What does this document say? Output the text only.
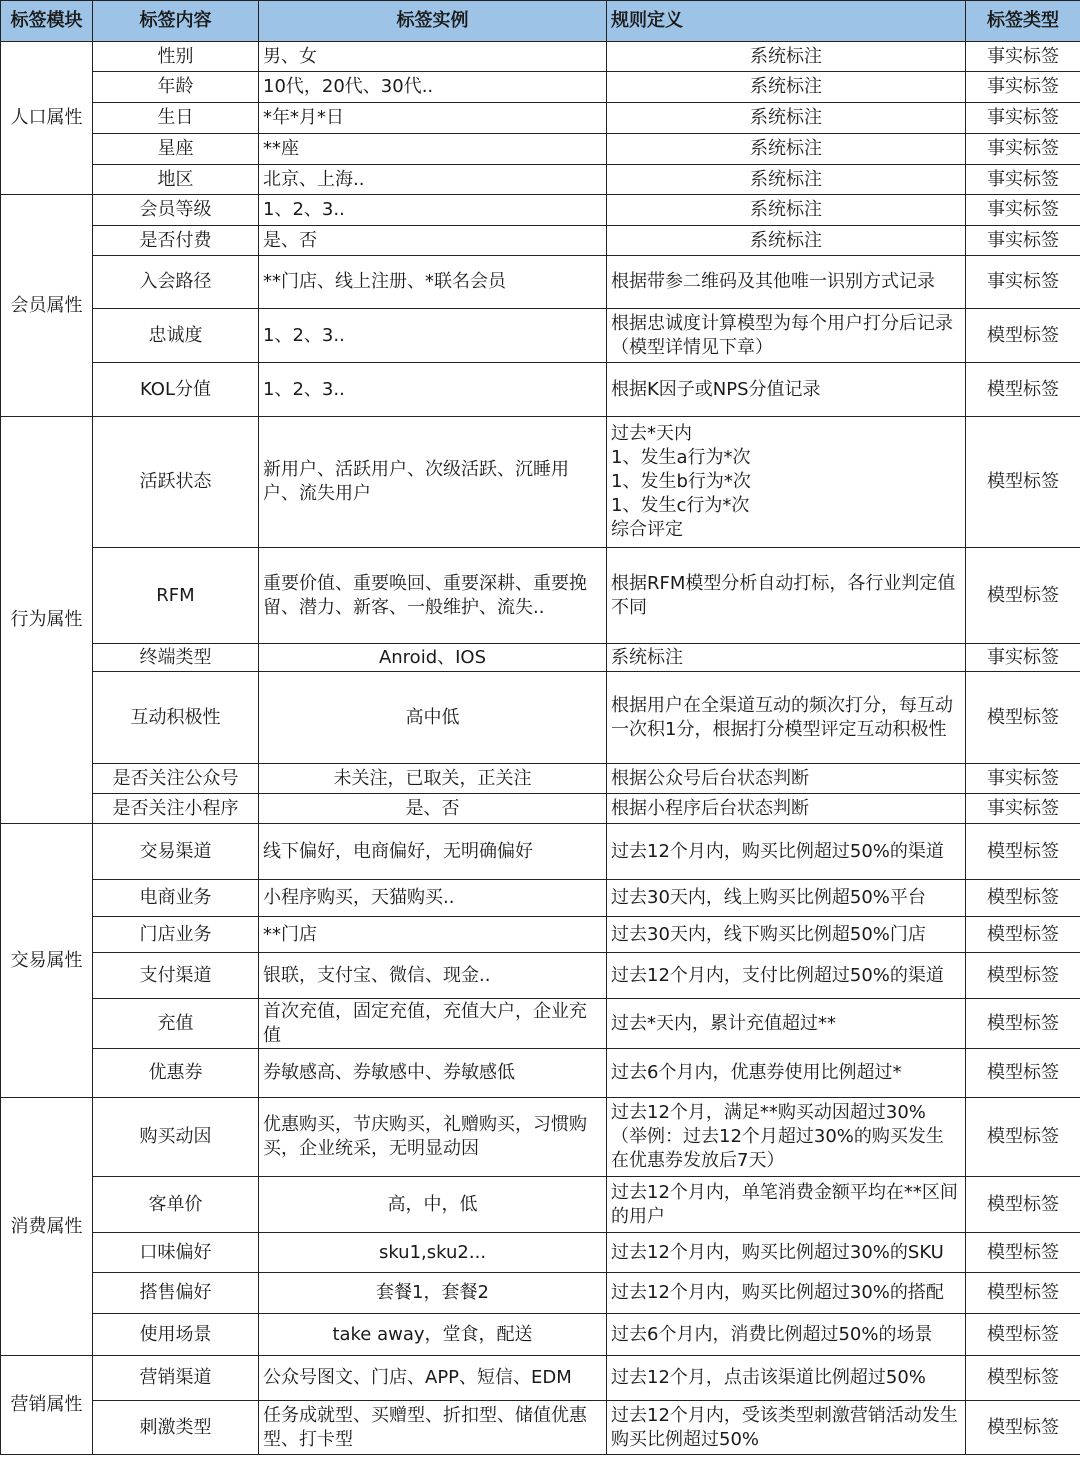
标签模块	标签内容	标签实例	规则定义	标签类型
人口属性	性别	男、女	系统标注	事实标签
	年龄	10代，20代、30代..	系统标注	事实标签
	生日	*年*月*日	系统标注	事实标签
	星座	**座	系统标注	事实标签
	地区	北京、上海..	系统标注	事实标签
会员属性	会员等级	1、2、3..	系统标注	事实标签
	是否付费	是、否	系统标注	事实标签
	入会路径	**门店、线上注册、*联名会员	根据带参二维码及其他唯一识别方式记录	事实标签
	忠诚度	1、2、3..	根据忠诚度计算模型为每个用户打分后记录（模型详情见下章）	模型标签
	KOL分值	1、2、3..	根据K因子或NPS分值记录	模型标签
行为属性	活跃状态	新用户、活跃用户、次级活跃、沉睡用户、流失用户	过去*天内
1、发生a行为*次
1、发生b行为*次
1、发生c行为*次
综合评定	模型标签
	RFM	重要价值、重要唤回、重要深耕、重要挽留、潜力、新客、一般维护、流失..	根据RFM模型分析自动打标，各行业判定值不同	模型标签
	终端类型	Anroid、IOS	系统标注	事实标签
	互动积极性	高中低	根据用户在全渠道互动的频次打分，每互动一次积1分，根据打分模型评定互动积极性	模型标签
	是否关注公众号	未关注，已取关，正关注	根据公众号后台状态判断	事实标签
	是否关注小程序	是、否	根据小程序后台状态判断	事实标签
交易属性	交易渠道	线下偏好，电商偏好，无明确偏好	过去12个月内，购买比例超过50%的渠道	模型标签
	电商业务	小程序购买，天猫购买..	过去30天内，线上购买比例超50%平台	模型标签
	门店业务	**门店	过去30天内，线下购买比例超50%门店	模型标签
	支付渠道	银联，支付宝、微信、现金..	过去12个月内，支付比例超过50%的渠道	模型标签
	充值	首次充值，固定充值，充值大户，企业充值	过去*天内，累计充值超过**	模型标签
	优惠券	券敏感高、券敏感中、券敏感低	过去6个月内，优惠券使用比例超过*	模型标签
消费属性	购买动因	优惠购买，节庆购买，礼赠购买，习惯购买，企业统采，无明显动因	过去12个月，满足**购买动因超过30%（举例：过去12个月超过30%的购买发生在优惠券发放后7天）	模型标签
	客单价	高，中，低	过去12个月内，单笔消费金额平均在**区间的用户	模型标签
	口味偏好	sku1,sku2...	过去12个月内，购买比例超过30%的SKU	模型标签
	搭售偏好	套餐1，套餐2	过去12个月内，购买比例超过30%的搭配	模型标签
	使用场景	take away，堂食，配送	过去6个月内，消费比例超过50%的场景	模型标签
营销属性	营销渠道	公众号图文、门店、APP、短信、EDM	过去12个月，点击该渠道比例超过50%	模型标签
	刺激类型	任务成就型、买赠型、折扣型、储值优惠型、打卡型	过去12个月内，受该类型刺激营销活动发生购买比例超过50%	模型标签
